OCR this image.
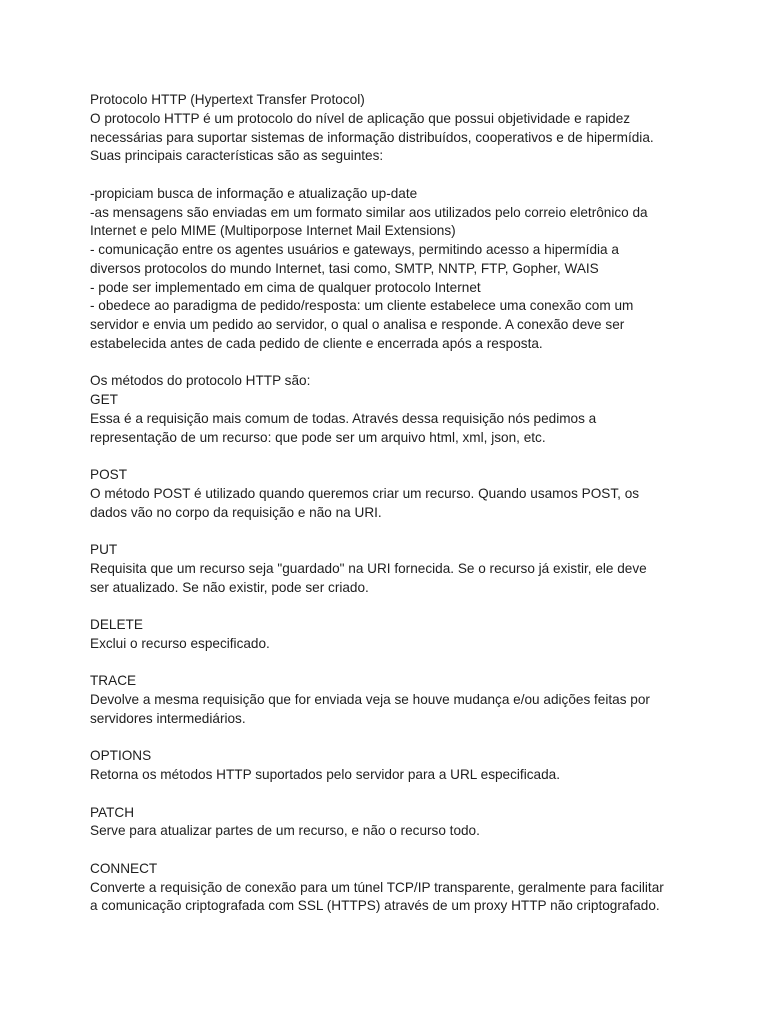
Protocolo HTTP (Hypertext Transfer Protocol)
O protocolo HTTP é um protocolo do nível de aplicação que possui objetividade e rapidez
necessárias para suportar sistemas de informação distribuídos, cooperativos e de hipermídia.
Suas principais características são as seguintes:
-propiciam busca de informação e atualização up-date
-as mensagens são enviadas em um formato similar aos utilizados pelo correio eletrônico da
Internet e pelo MIME (Multiporpose Internet Mail Extensions)
- comunicação entre os agentes usuários e gateways, permitindo acesso a hipermídia a
diversos protocolos do mundo Internet, tasi como, SMTP, NNTP, FTP, Gopher, WAIS
- pode ser implementado em cima de qualquer protocolo Internet
- obedece ao paradigma de pedido/resposta: um cliente estabelece uma conexão com um
servidor e envia um pedido ao servidor, o qual o analisa e responde. A conexão deve ser
estabelecida antes de cada pedido de cliente e encerrada após a resposta.
Os métodos do protocolo HTTP são:
GET
Essa é a requisição mais comum de todas. Através dessa requisição nós pedimos a
representação de um recurso: que pode ser um arquivo html, xml, json, etc.
POST
O método POST é utilizado quando queremos criar um recurso. Quando usamos POST, os
dados vão no corpo da requisição e não na URI.
PUT
Requisita que um recurso seja "guardado" na URI fornecida. Se o recurso já existir, ele deve
ser atualizado. Se não existir, pode ser criado.
DELETE
Exclui o recurso especificado.
TRACE
Devolve a mesma requisição que for enviada veja se houve mudança e/ou adições feitas por
servidores intermediários.
OPTIONS
Retorna os métodos HTTP suportados pelo servidor para a URL especificada.
PATCH
Serve para atualizar partes de um recurso, e não o recurso todo.
CONNECT
Converte a requisição de conexão para um túnel TCP/IP transparente, geralmente para facilitar
a comunicação criptografada com SSL (HTTPS) através de um proxy HTTP não criptografado.
